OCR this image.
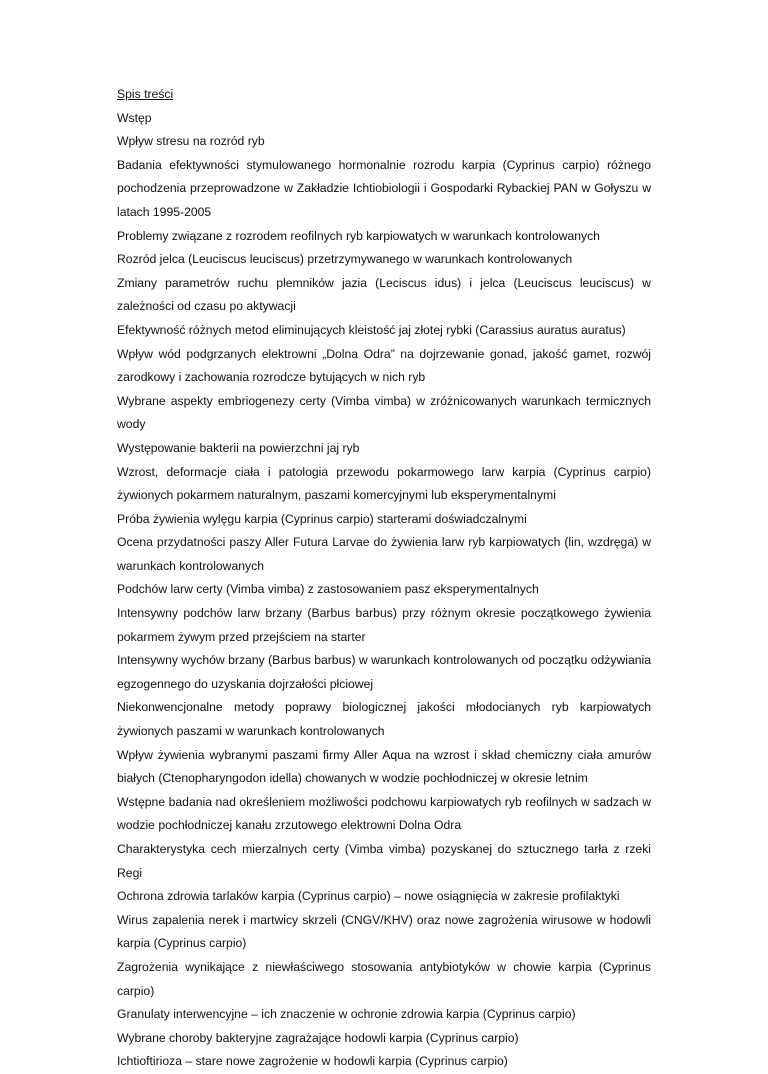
Spis treści

Wstęp

Wpływ stresu na rozród ryb

Badania efektywności stymulowanego hormonalnie rozrodu karpia (Cyprinus carpio) różnego pochodzenia przeprowadzone w Zakładzie Ichtiobiologii i Gospodarki Rybackiej PAN w Gołyszu w latach 1995-2005

Problemy związane z rozrodem reofilnych ryb karpiowatych w warunkach kontrolowanych

Rozród jelca (Leuciscus leuciscus) przetrzymywanego w warunkach kontrolowanych

Zmiany parametrów ruchu plemników jazia (Leciscus idus) i jelca (Leuciscus leuciscus) w zależności od czasu po aktywacji

Efektywność różnych metod eliminujących kleistość jaj złotej rybki (Carassius auratus auratus)

Wpływ wód podgrzanych elektrowni „Dolna Odra” na dojrzewanie gonad, jakość gamet, rozwój zarodkowy i zachowania rozrodcze bytujących w nich ryb

Wybrane aspekty embriogenezy certy (Vimba vimba) w zróżnicowanych warunkach termicznych wody

Występowanie bakterii na powierzchni jaj ryb

Wzrost, deformacje ciała i patologia przewodu pokarmowego larw karpia (Cyprinus carpio) żywionych pokarmem naturalnym, paszami komercyjnymi lub eksperymentalnymi

Próba żywienia wylęgu karpia (Cyprinus carpio) starterami doświadczalnymi

Ocena przydatności paszy Aller Futura Larvae do żywienia larw ryb karpiowatych (lin, wzdręga) w warunkach kontrolowanych

Podchów larw certy (Vimba vimba) z zastosowaniem pasz eksperymentalnych

Intensywny podchów larw brzany (Barbus barbus) przy różnym okresie początkowego żywienia pokarmem żywym przed przejściem na starter

Intensywny wychów brzany (Barbus barbus) w warunkach kontrolowanych od początku odżywiania egzogennego do uzyskania dojrzałości płciowej

Niekonwencjonalne metody poprawy biologicznej jakości młodocianych ryb karpiowatych żywionych paszami w warunkach kontrolowanych

Wpływ żywienia wybranymi paszami firmy Aller Aqua na wzrost i skład chemiczny ciała amurów białych (Ctenopharyngodon idella) chowanych w wodzie pochłodniczej w okresie letnim

Wstępne badania nad określeniem możliwości podchowu karpiowatych ryb reofilnych w sadzach w wodzie pochłodniczej kanału zrzutowego elektrowni Dolna Odra

Charakterystyka cech mierzalnych certy (Vimba vimba) pozyskanej do sztucznego tarła z rzeki Regi

Ochrona zdrowia tarlaków karpia (Cyprinus carpio) – nowe osiągnięcia w zakresie profilaktyki

Wirus zapalenia nerek i martwicy skrzeli (CNGV/KHV) oraz nowe zagrożenia wirusowe w hodowli karpia (Cyprinus carpio)

Zagrożenia wynikające z niewłaściwego stosowania antybiotyków w chowie karpia (Cyprinus carpio)

Granulaty interwencyjne – ich znaczenie w ochronie zdrowia karpia (Cyprinus carpio)

Wybrane choroby bakteryjne zagrażające hodowli karpia (Cyprinus carpio)

Ichtioftirioza – stare nowe zagrożenie w hodowli karpia (Cyprinus carpio)
